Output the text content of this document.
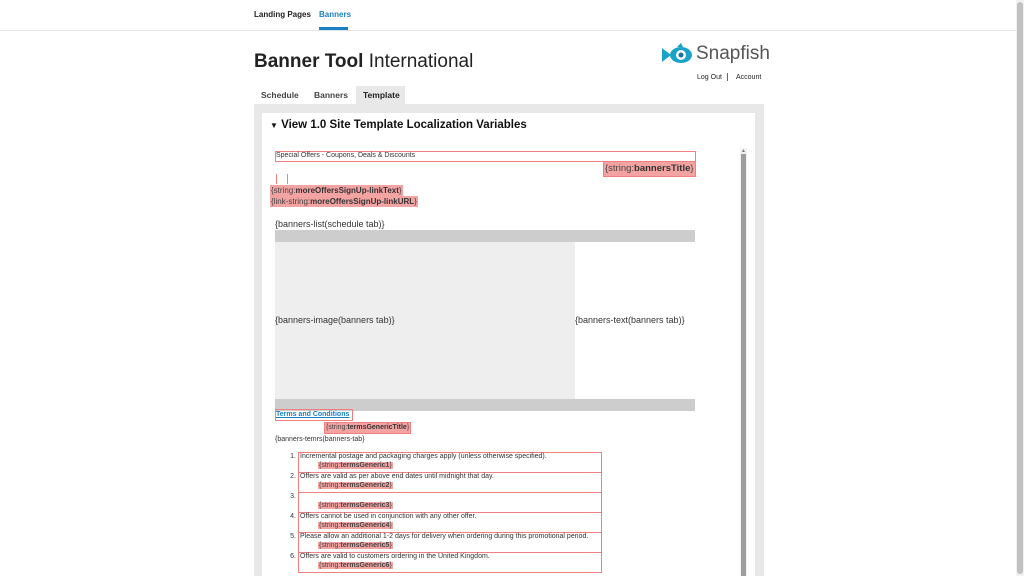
Landing Pages Banners
Banner Tool International	Snapfish
Log Out Account
Schedule	Banners	Template
▼ View 1.0 Site Template Localization Variables
▲
Special Offers - Coupons, Deals & Discounts
{string:bannersTitle}
{string:moreOffersSignUp-linkText}
{link-string:moreOffersSignUp-linkURL}
{banners-list(schedule tab)}
{banners-image(banners tab)}	{banners-text(banners tab)}
Terms and Conditions
{string:termsGenericTitle}
{banners-temrs(banners-tab}
1. Incremental postage and packaging charges apply (unless otherwise specified).
{string:termsGeneric1}
2. Offers are valid as per above end dates until midnight that day.
{string:termsGeneric2}
3.
{string:termsGeneric3}
4. Offers cannot be used in conjunction with any other offer.
{string:termsGeneric4}
5. Please allow an additional 1-2 days for delivery when ordering during this promotional period.
{string:termsGeneric5}
6. Offers are valid to customers ordering in the United Kingdom.
{string:termsGeneric6}
